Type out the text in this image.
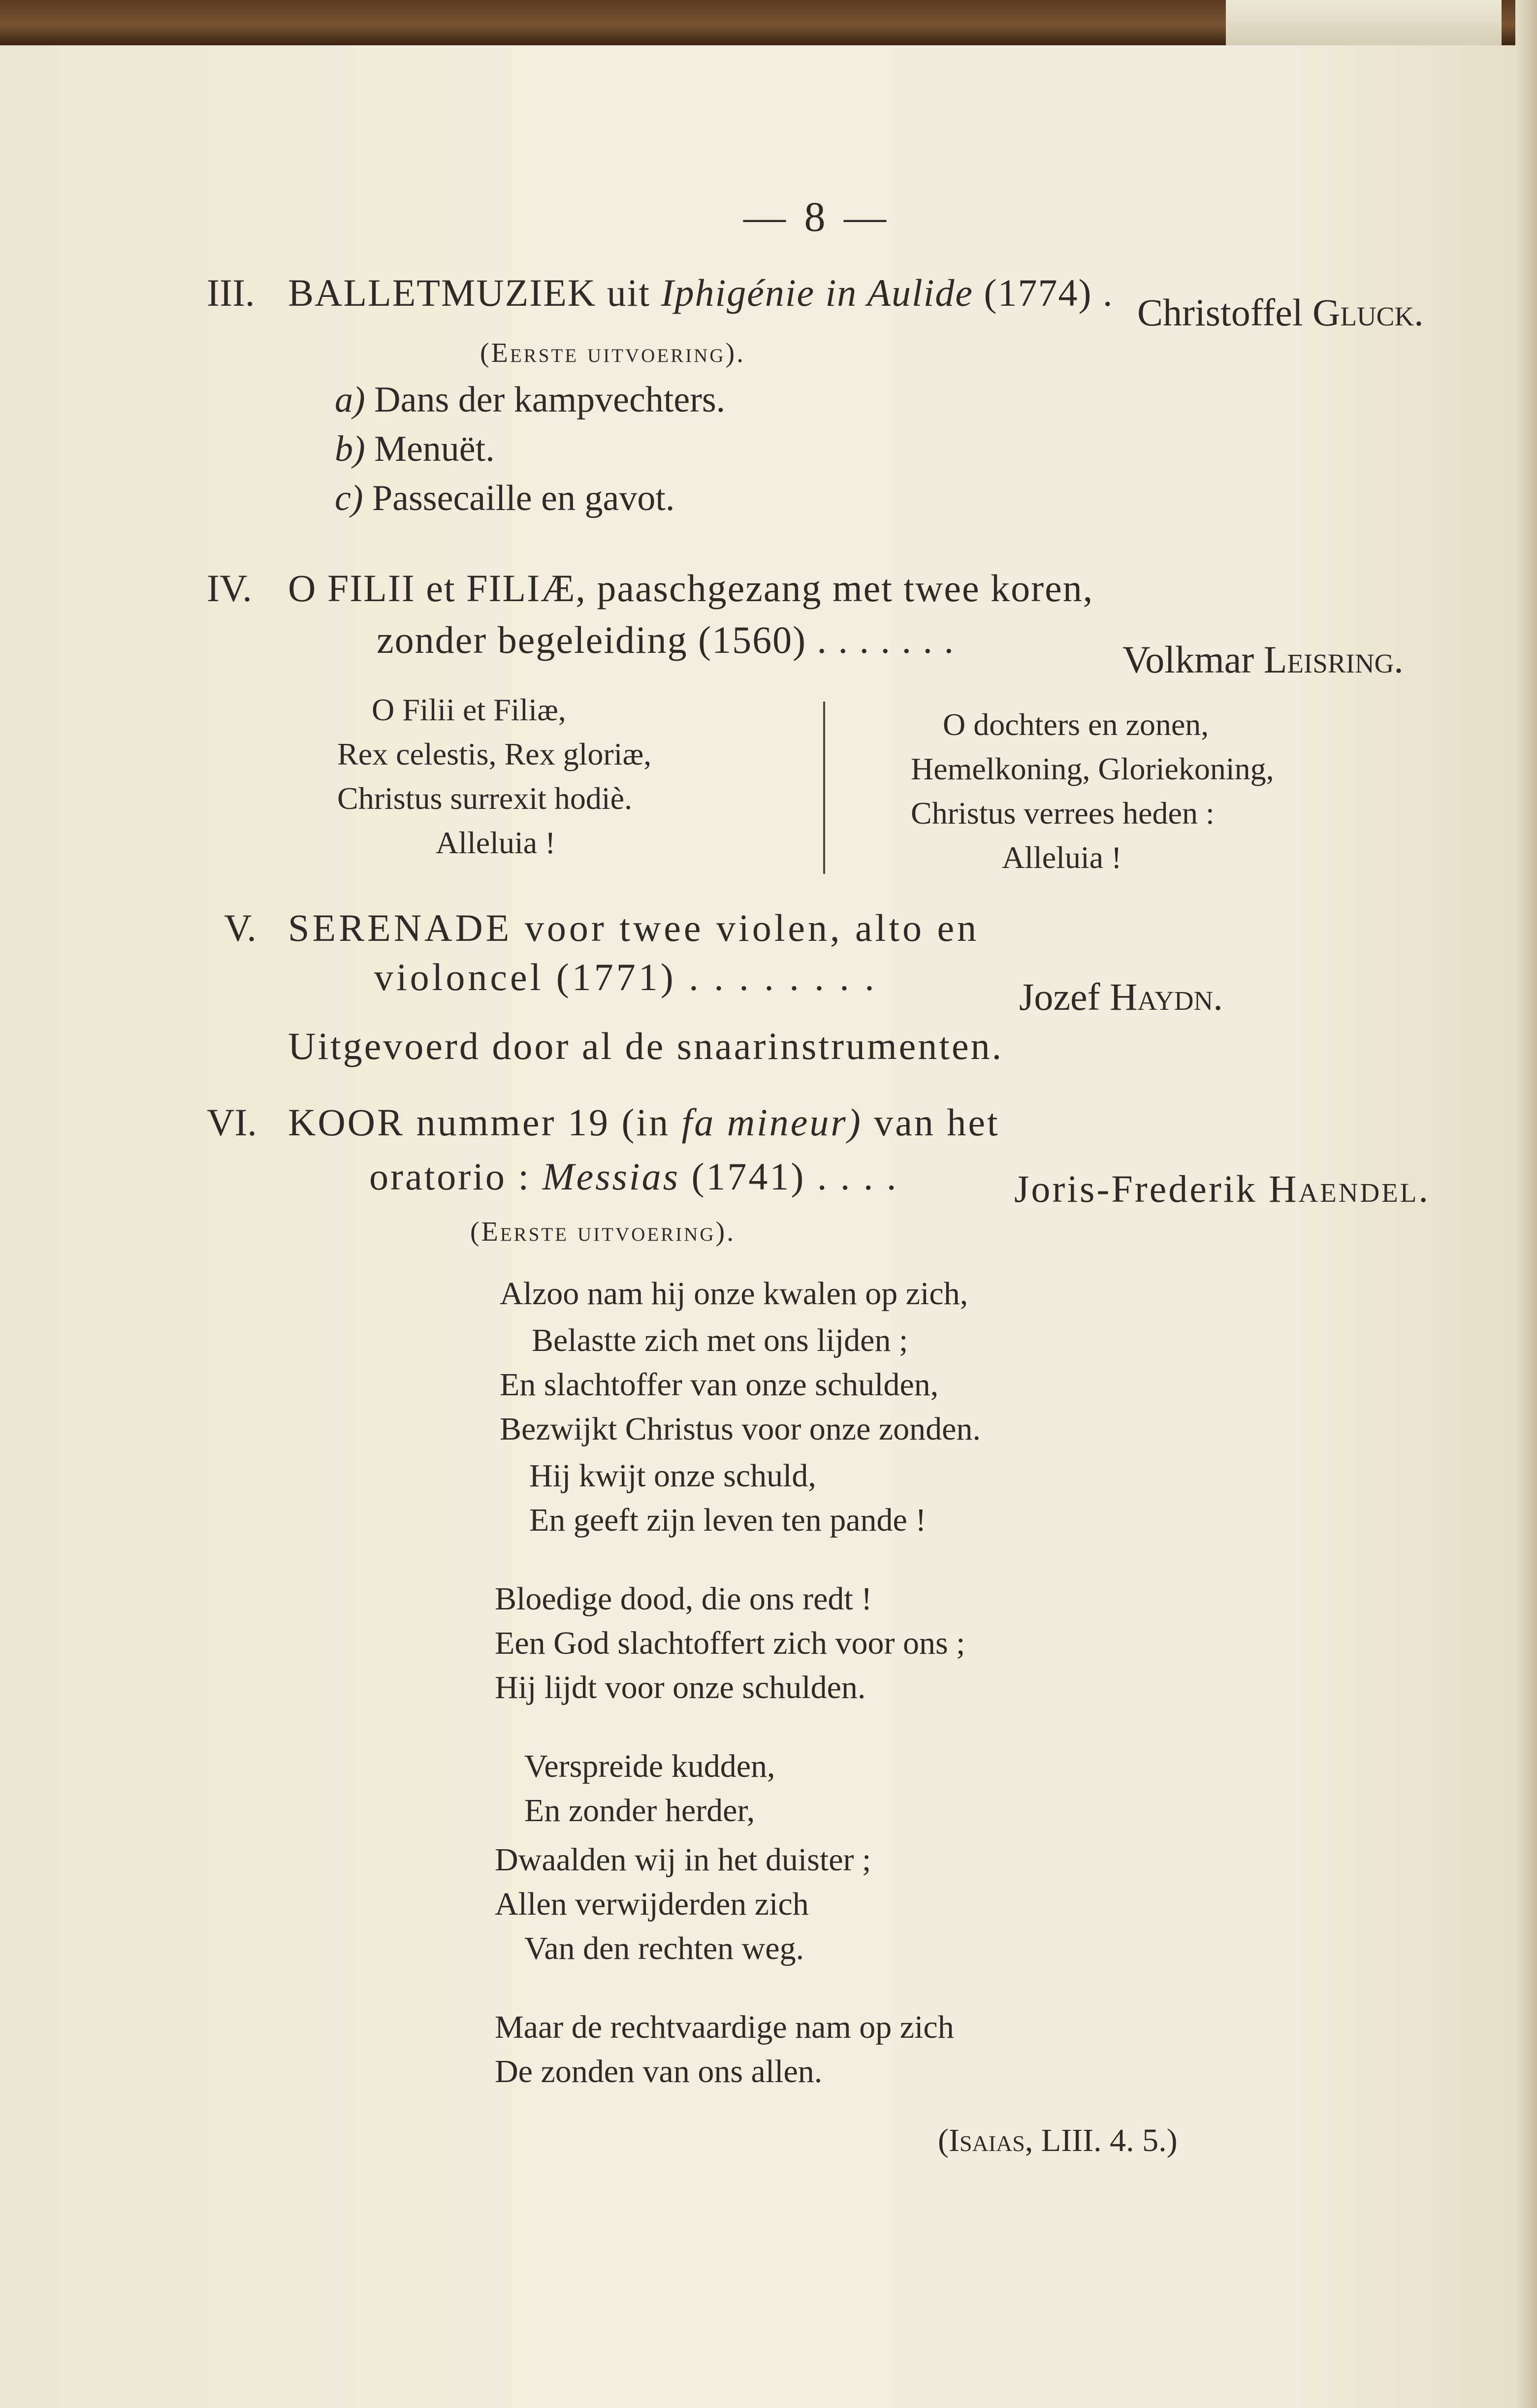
— 8 —
III. BALLETMUZIEK uit Iphigénie in Aulide (1774) . Christoffel Gluck.
(Eerste uitvoering).
a) Dans der kampvechters.
b) Menuët.
c) Passecaille en gavot.
IV. O FILII et FILIÆ, paaschgezang met twee koren,
zonder begeleiding (1560) . . . . . . .	Volkmar Leisring.
O Filii et Filiæ,
Rex celestis, Rex gloriæ,
Christus surrexit hodiè.
Alleluia !
O dochters en zonen,
Hemelkoning, Gloriekoning,
Christus verrees heden :
Alleluia !
V. SERENADE voor twee violen, alto en
violoncel (1771) . . . . . . . .	Jozef Haydn.
Uitgevoerd door al de snaarinstrumenten.
VI. KOOR nummer 19 (in fa mineur) van het
oratorio : Messias (1741) . . . .	Joris-Frederik Haendel.
(Eerste uitvoering).
Alzoo nam hij onze kwalen op zich,
Belastte zich met ons lijden ;
En slachtoffer van onze schulden,
Bezwijkt Christus voor onze zonden.
Hij kwijt onze schuld,
En geeft zijn leven ten pande !
Bloedige dood, die ons redt !
Een God slachtoffert zich voor ons ;
Hij lijdt voor onze schulden.
Verspreide kudden,
En zonder herder,
Dwaalden wij in het duister ;
Allen verwijderden zich
Van den rechten weg.
Maar de rechtvaardige nam op zich
De zonden van ons allen.
(Isaias, LIII. 4. 5.)
